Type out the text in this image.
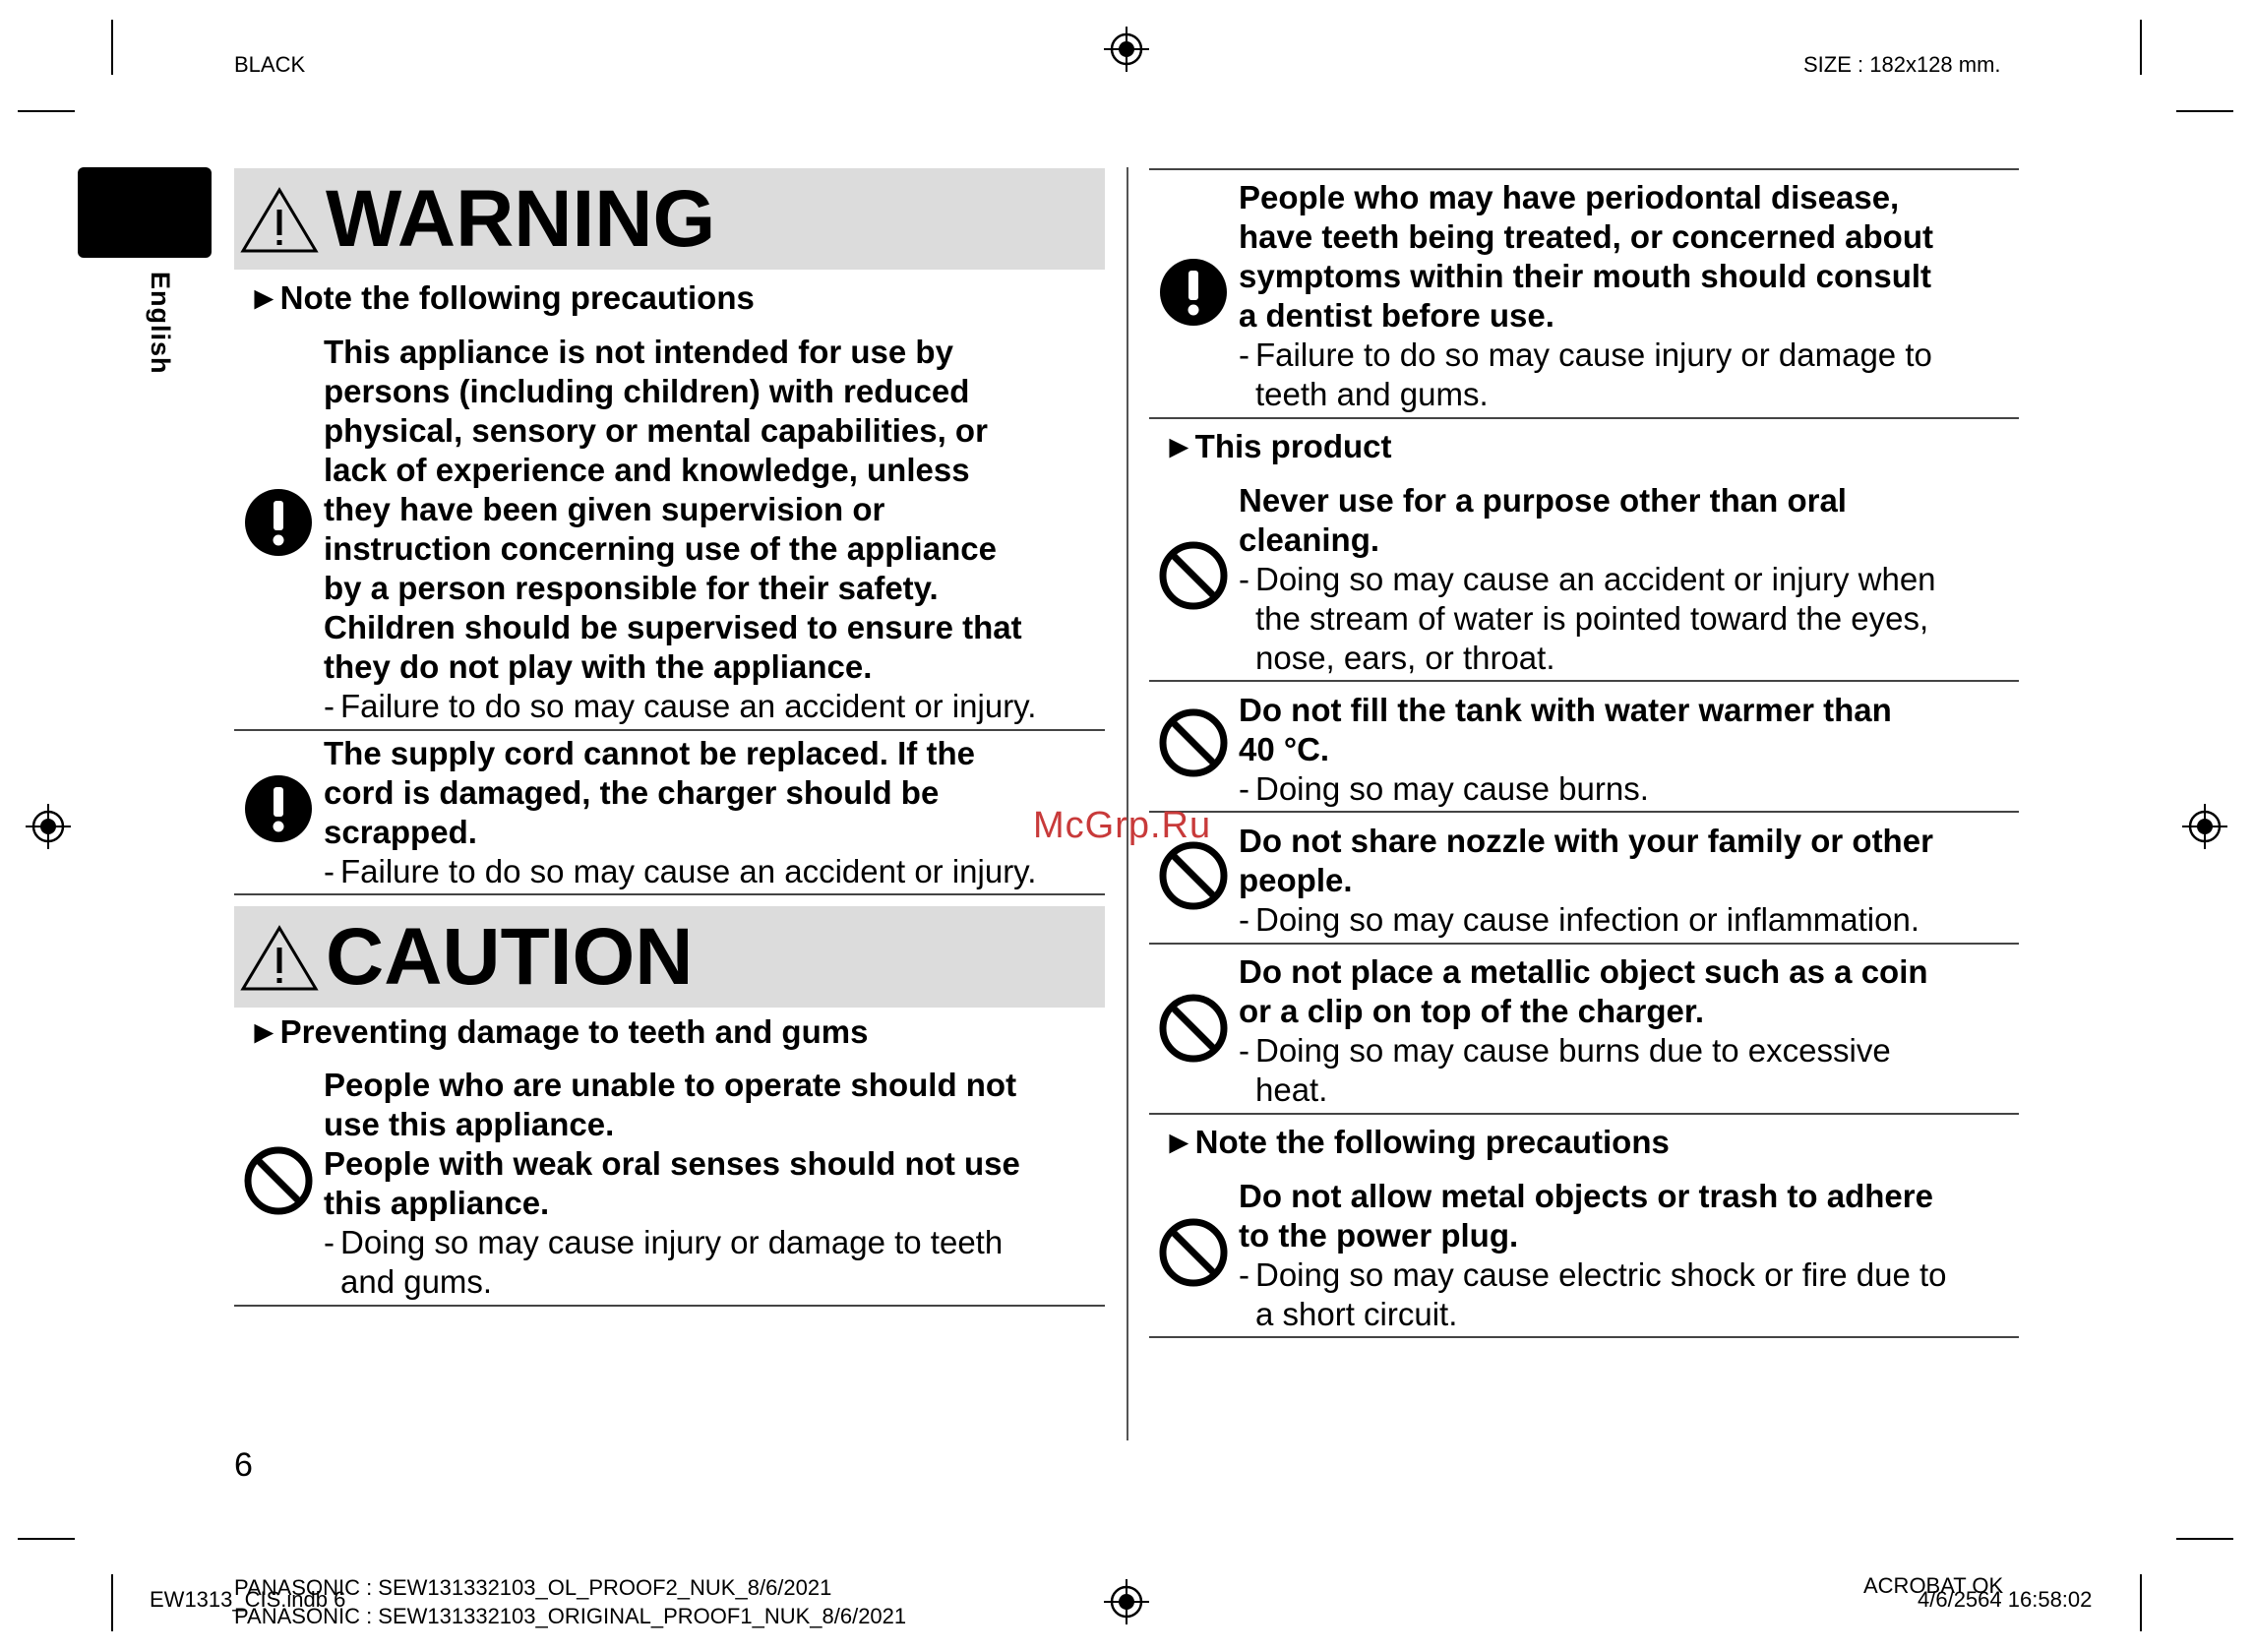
BLACK	SIZE : 182x128 mm.
English
WARNING
►Note the following precautions
This appliance is not intended for use by
persons (including children) with reduced
physical, sensory or mental capabilities, or
lack of experience and knowledge, unless
they have been given supervision or
instruction concerning use of the appliance
by a person responsible for their safety.
Children should be supervised to ensure that
they do not play with the appliance.
- Failure to do so may cause an accident or injury.
The supply cord cannot be replaced. If the
cord is damaged, the charger should be
scrapped.
- Failure to do so may cause an accident or injury.
CAUTION
►Preventing damage to teeth and gums
People who are unable to operate should not
use this appliance.
People with weak oral senses should not use
this appliance.
- Doing so may cause injury or damage to teeth
and gums.
People who may have periodontal disease,
have teeth being treated, or concerned about
symptoms within their mouth should consult
a dentist before use.
- Failure to do so may cause injury or damage to
teeth and gums.
►This product
Never use for a purpose other than oral
cleaning.
- Doing so may cause an accident or injury when
the stream of water is pointed toward the eyes,
nose, ears, or throat.
Do not fill the tank with water warmer than
40 °C.
- Doing so may cause burns.
Do not share nozzle with your family or other
people.
- Doing so may cause infection or inflammation.
Do not place a metallic object such as a coin
or a clip on top of the charger.
- Doing so may cause burns due to excessive
heat.
►Note the following precautions
Do not allow metal objects or trash to adhere
to the power plug.
- Doing so may cause electric shock or fire due to
a short circuit.
McGrp.Ru
6
EW1313_CIS.indb 6
PANASONIC : SEW131332103_OL_PROOF2_NUK_8/6/2021
PANASONIC : SEW131332103_ORIGINAL_PROOF1_NUK_8/6/2021
ACROBAT OK
4/6/2564 16:58:02
